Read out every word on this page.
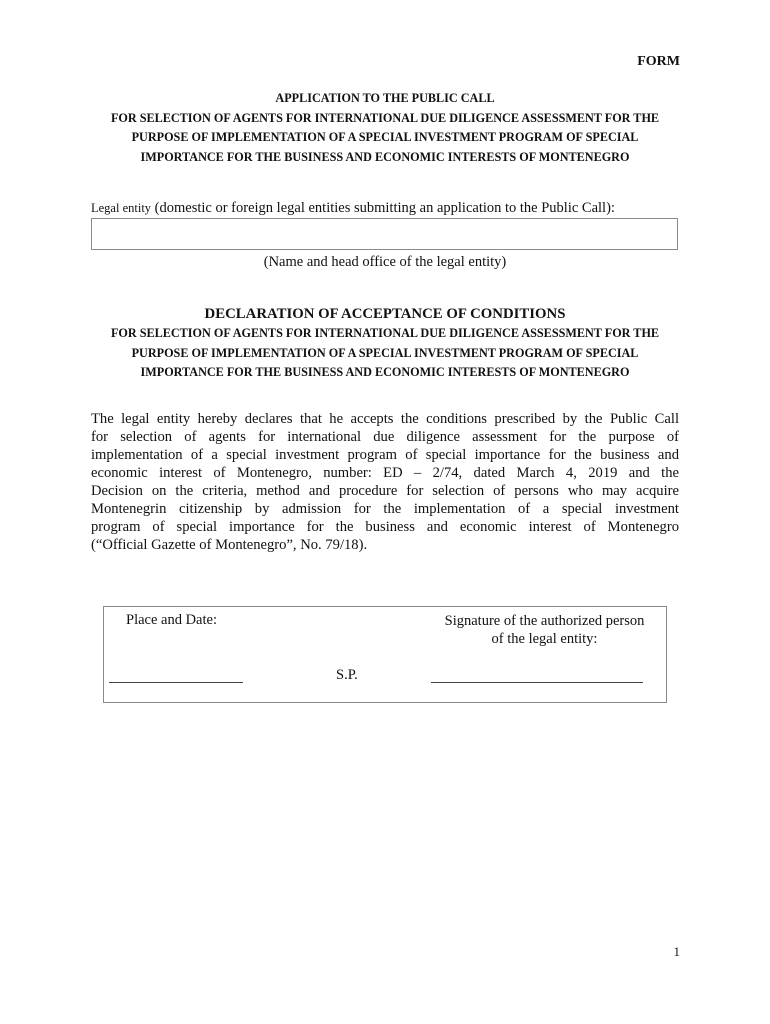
FORM
APPLICATION TO THE PUBLIC CALL
FOR SELECTION OF AGENTS FOR INTERNATIONAL DUE DILIGENCE ASSESSMENT FOR THE
PURPOSE OF IMPLEMENTATION OF A SPECIAL INVESTMENT PROGRAM OF SPECIAL
IMPORTANCE FOR THE BUSINESS AND ECONOMIC INTERESTS OF MONTENEGRO
Legal entity (domestic or foreign legal entities submitting an application to the Public Call):
(Name and head office of the legal entity)
DECLARATION OF ACCEPTANCE OF CONDITIONS
FOR SELECTION OF AGENTS FOR INTERNATIONAL DUE DILIGENCE ASSESSMENT FOR THE
PURPOSE OF IMPLEMENTATION OF A SPECIAL INVESTMENT PROGRAM OF SPECIAL
IMPORTANCE FOR THE BUSINESS AND ECONOMIC INTERESTS OF MONTENEGRO
The legal entity hereby declares that he accepts the conditions prescribed by the Public Call
for selection of agents for international due diligence assessment for the purpose of
implementation of a special investment program of special importance for the business and
economic interest of Montenegro, number: ED – 2/74, dated March 4, 2019 and the
Decision on the criteria, method and procedure for selection of persons who may acquire
Montenegrin citizenship by admission for the implementation of a special investment
program of special importance for the business and economic interest of Montenegro
(“Official Gazette of Montenegro”, No. 79/18).
Place and Date:	Signature of the authorized person
of the legal entity:
S.P.
1
